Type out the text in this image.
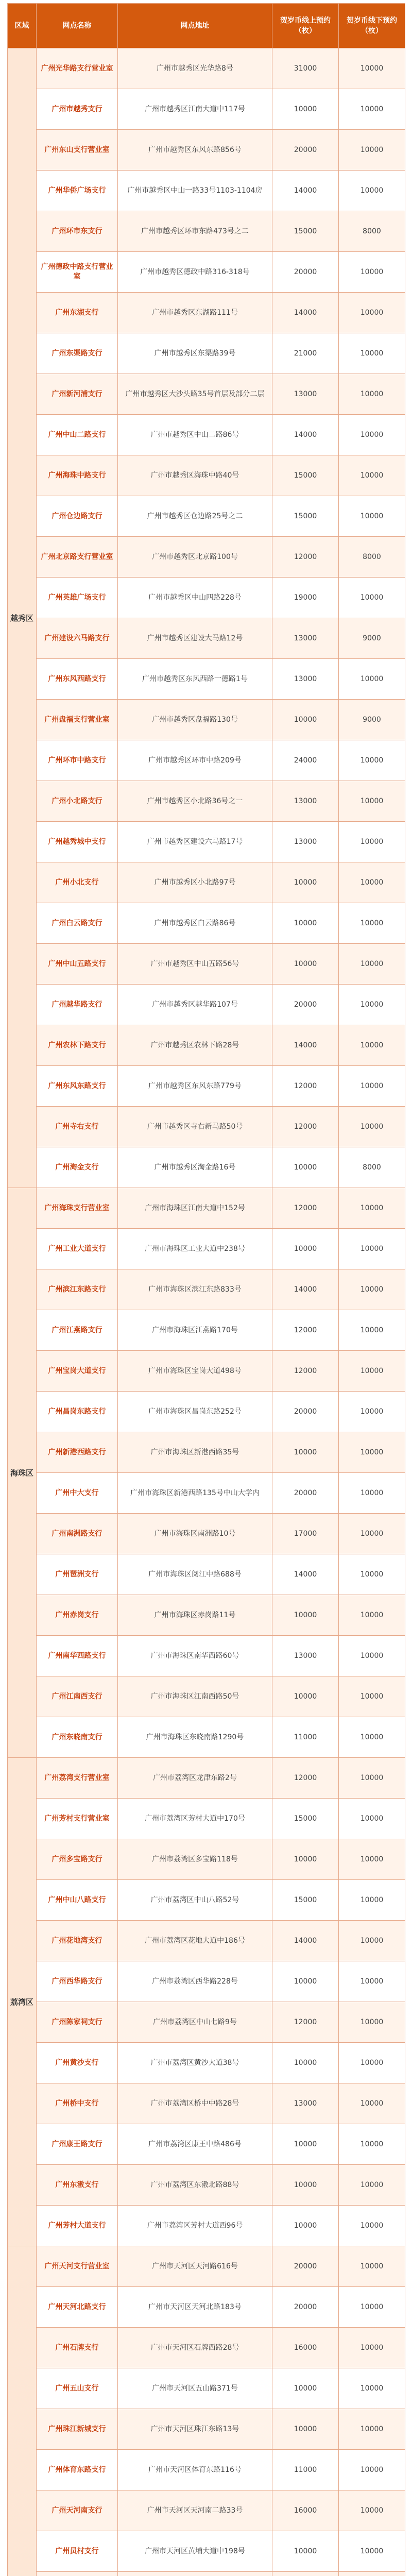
区域	网点名称	网点地址	贺岁币线上预约（枚）	贺岁币线下预约（枚）
越秀区	广州光华路支行营业室	广州市越秀区光华路8号	31000	10000
	广州市越秀支行	广州市越秀区江南大道中117号	10000	10000
	广州东山支行营业室	广州市越秀区东风东路856号	20000	10000
	广州华侨广场支行	广州市越秀区中山一路33号1103-1104房	14000	10000
	广州环市东支行	广州市越秀区环市东路473号之二	15000	8000
	广州德政中路支行营业室	广州市越秀区德政中路316-318号	20000	10000
	广州东湖支行	广州市越秀区东湖路111号	14000	10000
	广州东渠路支行	广州市越秀区东渠路39号	21000	10000
	广州新河浦支行	广州市越秀区大沙头路35号首层及部分二层	13000	10000
	广州中山二路支行	广州市越秀区中山二路86号	14000	10000
	广州海珠中路支行	广州市越秀区海珠中路40号	15000	10000
	广州仓边路支行	广州市越秀区仓边路25号之二	15000	10000
	广州北京路支行营业室	广州市越秀区北京路100号	12000	8000
	广州英雄广场支行	广州市越秀区中山四路228号	19000	10000
	广州建设六马路支行	广州市越秀区建设大马路12号	13000	9000
	广州东风西路支行	广州市越秀区东风西路一德路1号	13000	10000
	广州盘福支行营业室	广州市越秀区盘福路130号	10000	9000
	广州环市中路支行	广州市越秀区环市中路209号	24000	10000
	广州小北路支行	广州市越秀区小北路36号之一	13000	10000
	广州越秀城中支行	广州市越秀区建设六马路17号	13000	10000
	广州小北支行	广州市越秀区小北路97号	10000	10000
	广州白云路支行	广州市越秀区白云路86号	10000	10000
	广州中山五路支行	广州市越秀区中山五路56号	10000	10000
	广州越华路支行	广州市越秀区越华路107号	20000	10000
	广州农林下路支行	广州市越秀区农林下路28号	14000	10000
	广州东风东路支行	广州市越秀区东风东路779号	12000	10000
	广州寺右支行	广州市越秀区寺右新马路50号	12000	10000
	广州淘金支行	广州市越秀区淘金路16号	10000	8000
海珠区	广州海珠支行营业室	广州市海珠区江南大道中152号	12000	10000
	广州工业大道支行	广州市海珠区工业大道中238号	10000	10000
	广州滨江东路支行	广州市海珠区滨江东路833号	14000	10000
	广州江燕路支行	广州市海珠区江燕路170号	12000	10000
	广州宝岗大道支行	广州市海珠区宝岗大道498号	12000	10000
	广州昌岗东路支行	广州市海珠区昌岗东路252号	20000	10000
	广州新港西路支行	广州市海珠区新港西路35号	10000	10000
	广州中大支行	广州市海珠区新港西路135号中山大学内	20000	10000
	广州南洲路支行	广州市海珠区南洲路10号	17000	10000
	广州琶洲支行	广州市海珠区阅江中路688号	14000	10000
	广州赤岗支行	广州市海珠区赤岗路11号	10000	10000
	广州南华西路支行	广州市海珠区南华西路60号	13000	10000
	广州江南西支行	广州市海珠区江南西路50号	10000	10000
	广州东晓南支行	广州市海珠区东晓南路1290号	11000	10000
荔湾区	广州荔湾支行营业室	广州市荔湾区龙津东路2号	12000	10000
	广州芳村支行营业室	广州市荔湾区芳村大道中170号	15000	10000
	广州多宝路支行	广州市荔湾区多宝路118号	10000	10000
	广州中山八路支行	广州市荔湾区中山八路52号	15000	10000
	广州花地湾支行	广州市荔湾区花地大道中186号	14000	10000
	广州西华路支行	广州市荔湾区西华路228号	10000	10000
	广州陈家祠支行	广州市荔湾区中山七路9号	12000	10000
	广州黄沙支行	广州市荔湾区黄沙大道38号	10000	10000
	广州桥中支行	广州市荔湾区桥中中路28号	13000	10000
	广州康王路支行	广州市荔湾区康王中路486号	10000	10000
	广州东漖支行	广州市荔湾区东漖北路88号	10000	10000
	广州芳村大道支行	广州市荔湾区芳村大道西96号	10000	10000
	广州天河支行营业室	广州市天河区天河路616号	20000	10000
	广州天河北路支行	广州市天河区天河北路183号	20000	10000
	广州石牌支行	广州市天河区石牌西路28号	16000	10000
	广州五山支行	广州市天河区五山路371号	10000	10000
	广州珠江新城支行	广州市天河区珠江东路13号	10000	10000
	广州体育东路支行	广州市天河区体育东路116号	11000	10000
	广州天河南支行	广州市天河区天河南二路33号	16000	10000
	广州员村支行	广州市天河区黄埔大道中198号	10000	10000
